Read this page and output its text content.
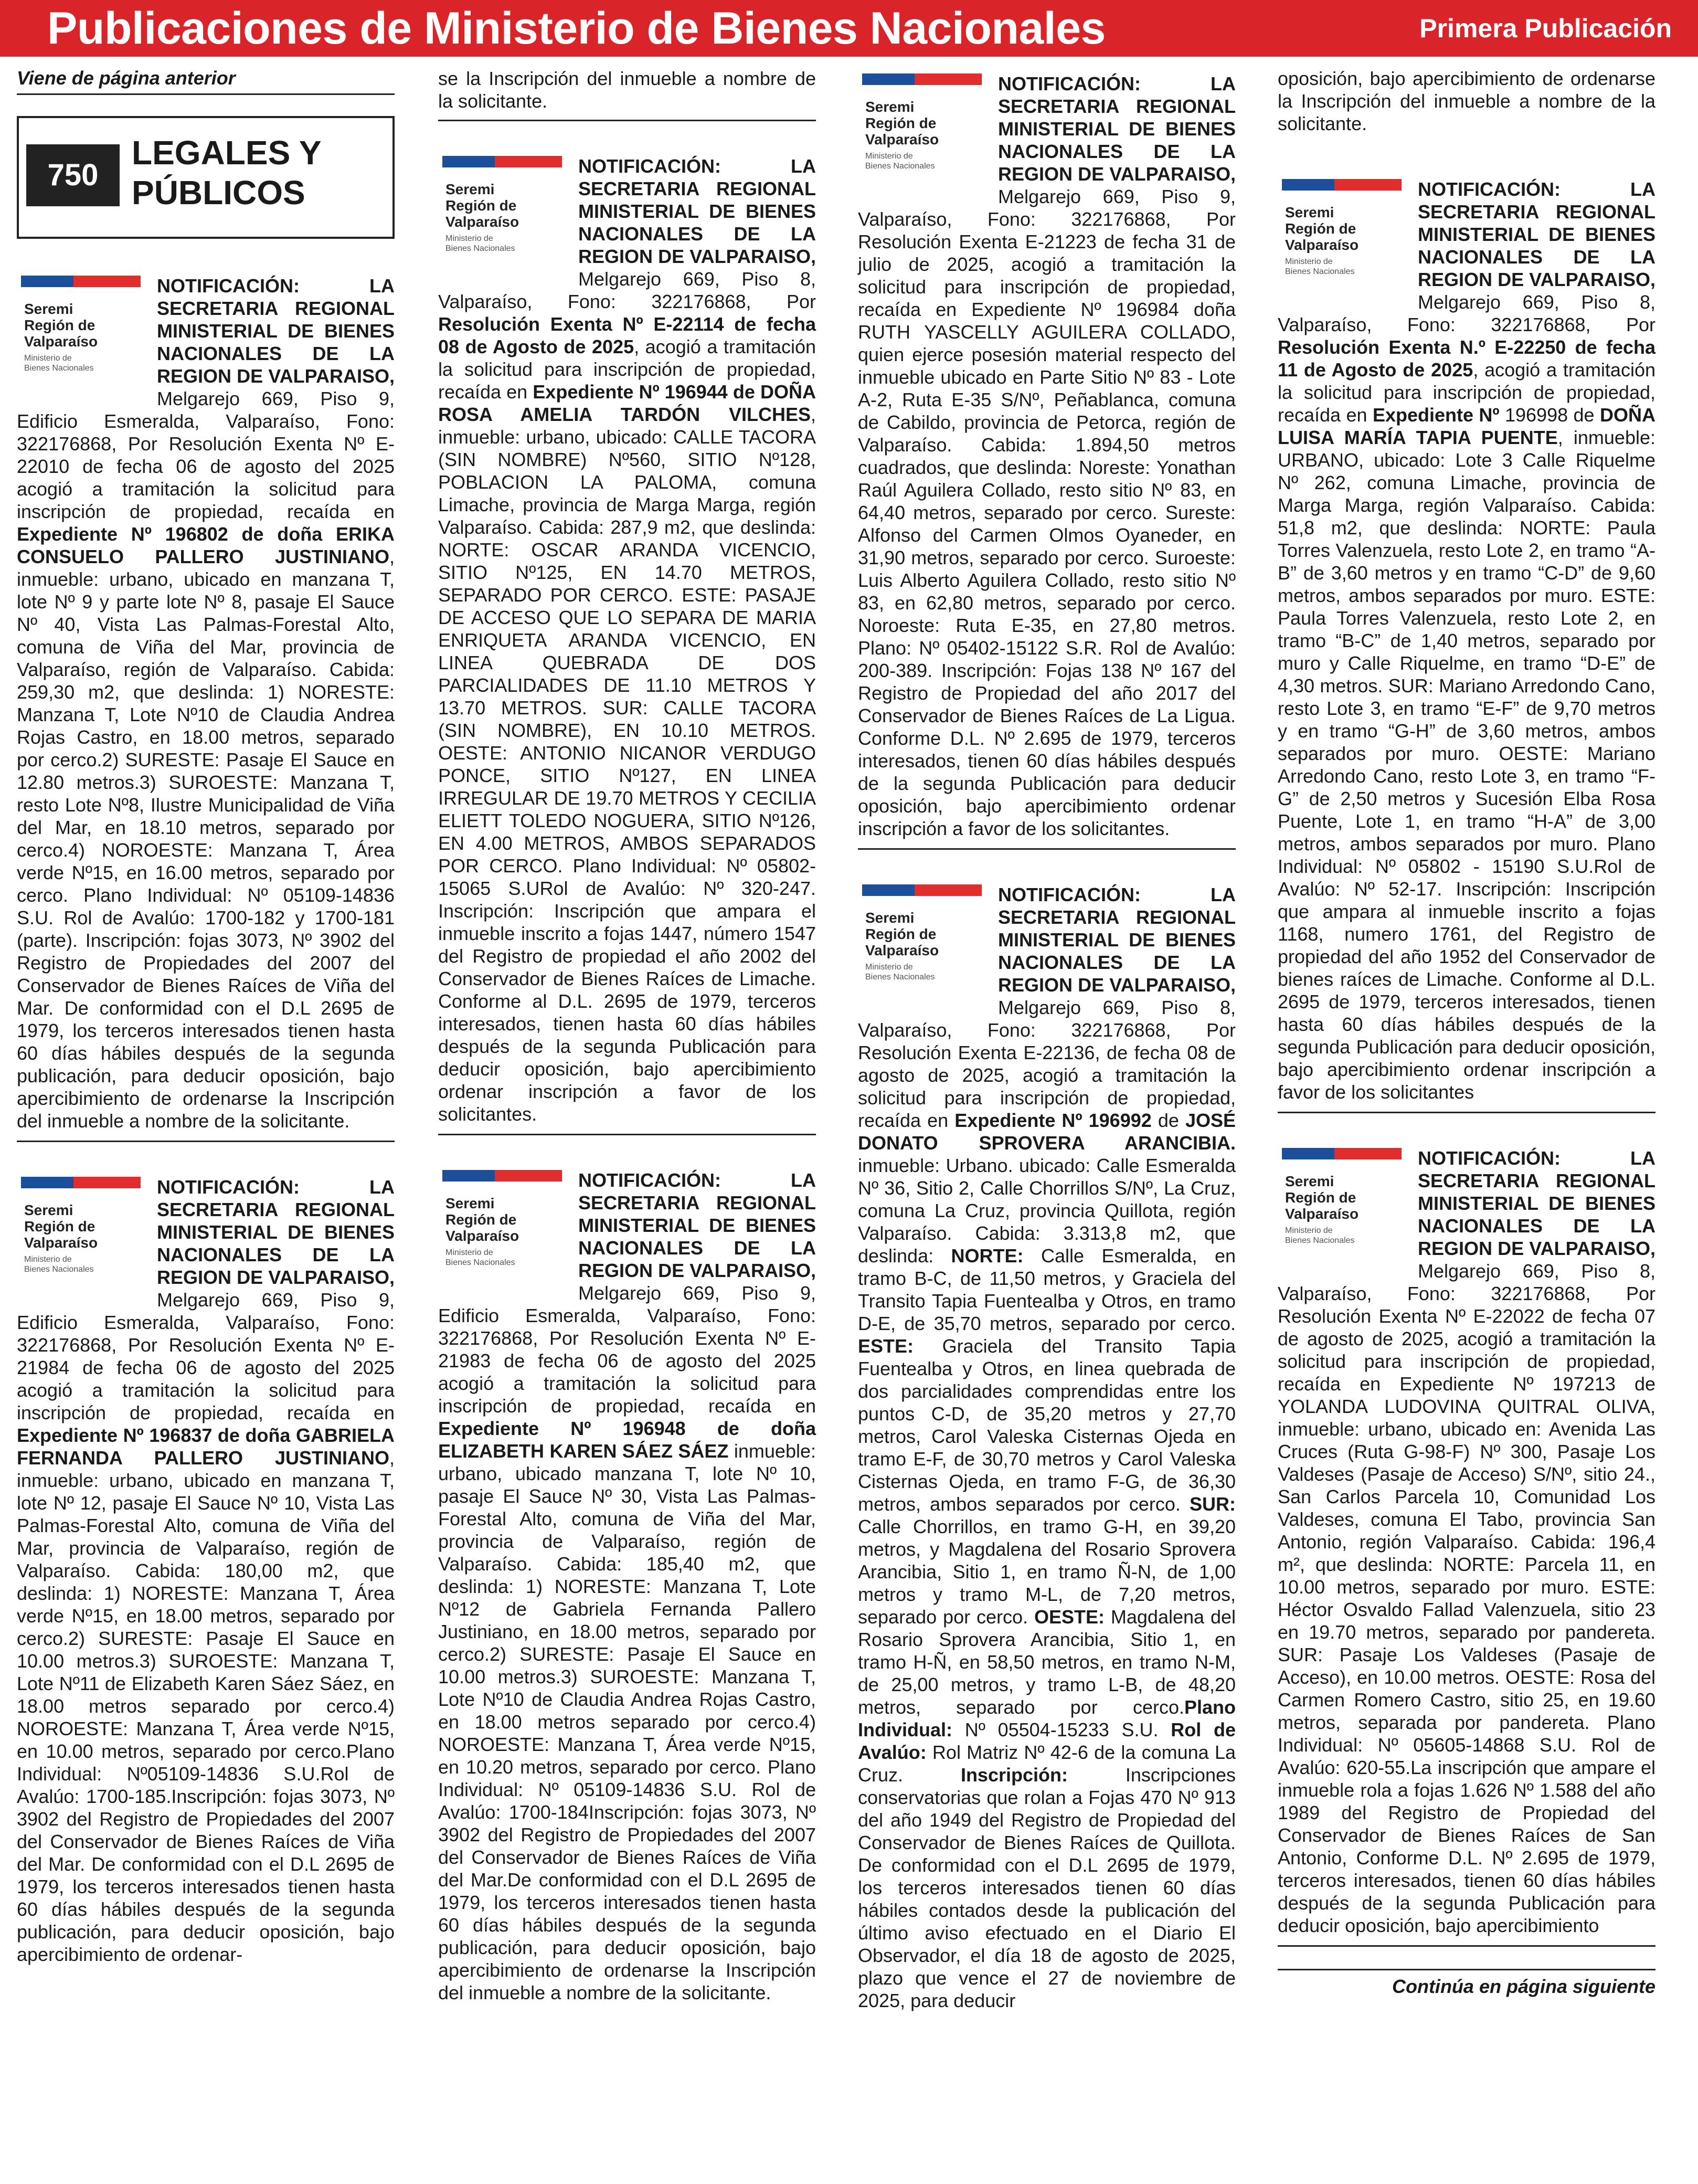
Publicaciones de Ministerio de Bienes Nacionales	Primera Publicación
Viene de página anterior
750
LEGALES Y PÚBLICOS
Seremi
Región de
Valparaíso
Ministerio de
Bienes Nacionales

NOTIFICACIÓN: LA SECRETARIA REGIONAL MINISTERIAL DE BIENES NACIONALES DE LA REGION DE VALPARAISO, Melgarejo 669, Piso 9, Edificio Esmeralda, Valparaíso, Fono: 322176868, Por Resolución Exenta Nº E-22010 de fecha 06 de agosto del 2025 acogió a tramitación la solicitud para inscripción de propiedad, recaída en Expediente Nº 196802 de doña ERIKA CONSUELO PALLERO JUSTINIANO, inmueble: urbano, ubicado en manzana T, lote Nº 9 y parte lote Nº 8, pasaje El Sauce Nº 40, Vista Las Palmas-Forestal Alto, comuna de Viña del Mar, provincia de Valparaíso, región de Valparaíso. Cabida: 259,30 m2, que deslinda: 1) NORESTE: Manzana T, Lote Nº10 de Claudia Andrea Rojas Castro, en 18.00 metros, separado por cerco.2) SURESTE: Pasaje El Sauce en 12.80 metros.3) SUROESTE: Manzana T, resto Lote Nº8, Ilustre Municipalidad de Viña del Mar, en 18.10 metros, separado por cerco.4) NOROESTE: Manzana T, Área verde Nº15, en 16.00 metros, separado por cerco. Plano Individual: Nº 05109-14836 S.U. Rol de Avalúo: 1700-182 y 1700-181 (parte). Inscripción: fojas 3073, Nº 3902 del Registro de Propiedades del 2007 del Conservador de Bienes Raíces de Viña del Mar. De conformidad con el D.L 2695 de 1979, los terceros interesados tienen hasta 60 días hábiles después de la segunda publicación, para deducir oposición, bajo apercibimiento de ordenarse la Inscripción del inmueble a nombre de la solicitante.

Seremi
Región de
Valparaíso
Ministerio de
Bienes Nacionales

NOTIFICACIÓN: LA SECRETARIA REGIONAL MINISTERIAL DE BIENES NACIONALES DE LA REGION DE VALPARAISO, Melgarejo 669, Piso 9, Edificio Esmeralda, Valparaíso, Fono: 322176868, Por Resolución Exenta Nº E-21984 de fecha 06 de agosto del 2025 acogió a tramitación la solicitud para inscripción de propiedad, recaída en Expediente Nº 196837 de doña GABRIELA FERNANDA PALLERO JUSTINIANO, inmueble: urbano, ubicado en manzana T, lote Nº 12, pasaje El Sauce Nº 10, Vista Las Palmas-Forestal Alto, comuna de Viña del Mar, provincia de Valparaíso, región de Valparaíso. Cabida: 180,00 m2, que deslinda: 1) NORESTE: Manzana T, Área verde Nº15, en 18.00 metros, separado por cerco.2) SURESTE: Pasaje El Sauce en 10.00 metros.3) SUROESTE: Manzana T, Lote Nº11 de Elizabeth Karen Sáez Sáez, en 18.00 metros separado por cerco.4) NOROESTE: Manzana T, Área verde Nº15, en 10.00 metros, separado por cerco.Plano Individual: Nº05109-14836 S.U.Rol de Avalúo: 1700-185.Inscripción: fojas 3073, Nº 3902 del Registro de Propiedades del 2007 del Conservador de Bienes Raíces de Viña del Mar. De conformidad con el D.L 2695 de 1979, los terceros interesados tienen hasta 60 días hábiles después de la segunda publicación, para deducir oposición, bajo apercibimiento de ordenar-

se la Inscripción del inmueble a nombre de la solicitante.

Seremi
Región de
Valparaíso
Ministerio de
Bienes Nacionales

NOTIFICACIÓN: LA SECRETARIA REGIONAL MINISTERIAL DE BIENES NACIONALES DE LA REGION DE VALPARAISO, Melgarejo 669, Piso 8, Valparaíso, Fono: 322176868, Por Resolución Exenta Nº E-22114 de fecha 08 de Agosto de 2025, acogió a tramitación la solicitud para inscripción de propiedad, recaída en Expediente Nº 196944 de DOÑA ROSA AMELIA TARDÓN VILCHES, inmueble: urbano, ubicado: CALLE TACORA (SIN NOMBRE) Nº560, SITIO Nº128, POBLACION LA PALOMA, comuna Limache, provincia de Marga Marga, región Valparaíso. Cabida: 287,9 m2, que deslinda: NORTE: OSCAR ARANDA VICENCIO, SITIO Nº125, EN 14.70 METROS, SEPARADO POR CERCO. ESTE: PASAJE DE ACCESO QUE LO SEPARA DE MARIA ENRIQUETA ARANDA VICENCIO, EN LINEA QUEBRADA DE DOS PARCIALIDADES DE 11.10 METROS Y 13.70 METROS. SUR: CALLE TACORA (SIN NOMBRE), EN 10.10 METROS. OESTE: ANTONIO NICANOR VERDUGO PONCE, SITIO Nº127, EN LINEA IRREGULAR DE 19.70 METROS Y CECILIA ELIETT TOLEDO NOGUERA, SITIO Nº126, EN 4.00 METROS, AMBOS SEPARADOS POR CERCO. Plano Individual: Nº 05802-15065 S.URol de Avalúo: Nº 320-247. Inscripción: Inscripción que ampara el inmueble inscrito a fojas 1447, número 1547 del Registro de propiedad el año 2002 del Conservador de Bienes Raíces de Limache. Conforme al D.L. 2695 de 1979, terceros interesados, tienen hasta 60 días hábiles después de la segunda Publicación para deducir oposición, bajo apercibimiento ordenar inscripción a favor de los solicitantes.

Seremi
Región de
Valparaíso
Ministerio de
Bienes Nacionales

NOTIFICACIÓN: LA SECRETARIA REGIONAL MINISTERIAL DE BIENES NACIONALES DE LA REGION DE VALPARAISO, Melgarejo 669, Piso 9, Edificio Esmeralda, Valparaíso, Fono: 322176868, Por Resolución Exenta Nº E-21983 de fecha 06 de agosto del 2025 acogió a tramitación la solicitud para inscripción de propiedad, recaída en Expediente Nº 196948 de doña ELIZABETH KAREN SÁEZ SÁEZ inmueble: urbano, ubicado manzana T, lote Nº 10, pasaje El Sauce Nº 30, Vista Las Palmas-Forestal Alto, comuna de Viña del Mar, provincia de Valparaíso, región de Valparaíso. Cabida: 185,40 m2, que deslinda: 1) NORESTE: Manzana T, Lote Nº12 de Gabriela Fernanda Pallero Justiniano, en 18.00 metros, separado por cerco.2) SURESTE: Pasaje El Sauce en 10.00 metros.3) SUROESTE: Manzana T, Lote Nº10 de Claudia Andrea Rojas Castro, en 18.00 metros separado por cerco.4) NOROESTE: Manzana T, Área verde Nº15, en 10.20 metros, separado por cerco. Plano Individual: Nº 05109-14836 S.U. Rol de Avalúo: 1700-184Inscripción: fojas 3073, Nº 3902 del Registro de Propiedades del 2007 del Conservador de Bienes Raíces de Viña del Mar.De conformidad con el D.L 2695 de 1979, los terceros interesados tienen hasta 60 días hábiles después de la segunda publicación, para deducir oposición, bajo apercibimiento de ordenarse la Inscripción del inmueble a nombre de la solicitante.

Seremi
Región de
Valparaíso
Ministerio de
Bienes Nacionales

NOTIFICACIÓN: LA SECRETARIA REGIONAL MINISTERIAL DE BIENES NACIONALES DE LA REGION DE VALPARAISO, Melgarejo 669, Piso 9, Valparaíso, Fono: 322176868, Por Resolución Exenta E-21223 de fecha 31 de julio de 2025, acogió a tramitación la solicitud para inscripción de propiedad, recaída en Expediente Nº 196984 doña RUTH YASCELLY AGUILERA COLLADO, quien ejerce posesión material respecto del inmueble ubicado en Parte Sitio Nº 83 - Lote A-2, Ruta E-35 S/Nº, Peñablanca, comuna de Cabildo, provincia de Petorca, región de Valparaíso. Cabida: 1.894,50 metros cuadrados, que deslinda: Noreste: Yonathan Raúl Aguilera Collado, resto sitio Nº 83, en 64,40 metros, separado por cerco. Sureste: Alfonso del Carmen Olmos Oyaneder, en 31,90 metros, separado por cerco. Suroeste: Luis Alberto Aguilera Collado, resto sitio Nº 83, en 62,80 metros, separado por cerco. Noroeste: Ruta E-35, en 27,80 metros. Plano: Nº 05402-15122 S.R. Rol de Avalúo: 200-389. Inscripción: Fojas 138 Nº 167 del Registro de Propiedad del año 2017 del Conservador de Bienes Raíces de La Ligua. Conforme D.L. Nº 2.695 de 1979, terceros interesados, tienen 60 días hábiles después de la segunda Publicación para deducir oposición, bajo apercibimiento ordenar inscripción a favor de los solicitantes.

Seremi
Región de
Valparaíso
Ministerio de
Bienes Nacionales

NOTIFICACIÓN: LA SECRETARIA REGIONAL MINISTERIAL DE BIENES NACIONALES DE LA REGION DE VALPARAISO, Melgarejo 669, Piso 8, Valparaíso, Fono: 322176868, Por Resolución Exenta E-22136, de fecha 08 de agosto de 2025, acogió a tramitación la solicitud para inscripción de propiedad, recaída en Expediente Nº 196992 de JOSÉ DONATO SPROVERA ARANCIBIA. inmueble: Urbano. ubicado: Calle Esmeralda Nº 36, Sitio 2, Calle Chorrillos S/Nº, La Cruz, comuna La Cruz, provincia Quillota, región Valparaíso. Cabida: 3.313,8 m2, que deslinda: NORTE: Calle Esmeralda, en tramo B-C, de 11,50 metros, y Graciela del Transito Tapia Fuentealba y Otros, en tramo D-E, de 35,70 metros, separado por cerco. ESTE: Graciela del Transito Tapia Fuentealba y Otros, en linea quebrada de dos parcialidades comprendidas entre los puntos C-D, de 35,20 metros y 27,70 metros, Carol Valeska Cisternas Ojeda en tramo E-F, de 30,70 metros y Carol Valeska Cisternas Ojeda, en tramo F-G, de 36,30 metros, ambos separados por cerco. SUR: Calle Chorrillos, en tramo G-H, en 39,20 metros, y Magdalena del Rosario Sprovera Arancibia, Sitio 1, en tramo Ñ-N, de 1,00 metros y tramo M-L, de 7,20 metros, separado por cerco. OESTE: Magdalena del Rosario Sprovera Arancibia, Sitio 1, en tramo H-Ñ, en 58,50 metros, en tramo N-M, de 25,00 metros, y tramo L-B, de 48,20 metros, separado por cerco.Plano Individual: Nº 05504-15233 S.U. Rol de Avalúo: Rol Matriz Nº 42-6 de la comuna La Cruz. Inscripción: Inscripciones conservatorias que rolan a Fojas 470 Nº 913 del año 1949 del Registro de Propiedad del Conservador de Bienes Raíces de Quillota. De conformidad con el D.L 2695 de 1979, los terceros interesados tienen 60 días hábiles contados desde la publicación del último aviso efectuado en el Diario El Observador, el día 18 de agosto de 2025, plazo que vence el 27 de noviembre de 2025, para deducir

oposición, bajo apercibimiento de ordenarse la Inscripción del inmueble a nombre de la solicitante.

Seremi
Región de
Valparaíso
Ministerio de
Bienes Nacionales

NOTIFICACIÓN: LA SECRETARIA REGIONAL MINISTERIAL DE BIENES NACIONALES DE LA REGION DE VALPARAISO, Melgarejo 669, Piso 8, Valparaíso, Fono: 322176868, Por Resolución Exenta N.º E-22250 de fecha 11 de Agosto de 2025, acogió a tramitación la solicitud para inscripción de propiedad, recaída en Expediente Nº 196998 de DOÑA LUISA MARÍA TAPIA PUENTE, inmueble: URBANO, ubicado: Lote 3 Calle Riquelme Nº 262, comuna Limache, provincia de Marga Marga, región Valparaíso. Cabida: 51,8 m2, que deslinda: NORTE: Paula Torres Valenzuela, resto Lote 2, en tramo “A-B” de 3,60 metros y en tramo “C-D” de 9,60 metros, ambos separados por muro. ESTE: Paula Torres Valenzuela, resto Lote 2, en tramo “B-C” de 1,40 metros, separado por muro y Calle Riquelme, en tramo “D-E” de 4,30 metros. SUR: Mariano Arredondo Cano, resto Lote 3, en tramo “E-F” de 9,70 metros y en tramo “G-H” de 3,60 metros, ambos separados por muro. OESTE: Mariano Arredondo Cano, resto Lote 3, en tramo “F-G” de 2,50 metros y Sucesión Elba Rosa Puente, Lote 1, en tramo “H-A” de 3,00 metros, ambos separados por muro. Plano Individual: Nº 05802 - 15190 S.U.Rol de Avalúo: Nº 52-17. Inscripción: Inscripción que ampara al inmueble inscrito a fojas 1168, numero 1761, del Registro de propiedad del año 1952 del Conservador de bienes raíces de Limache. Conforme al D.L. 2695 de 1979, terceros interesados, tienen hasta 60 días hábiles después de la segunda Publicación para deducir oposición, bajo apercibimiento ordenar inscripción a favor de los solicitantes

Seremi
Región de
Valparaíso
Ministerio de
Bienes Nacionales

NOTIFICACIÓN: LA SECRETARIA REGIONAL MINISTERIAL DE BIENES NACIONALES DE LA REGION DE VALPARAISO, Melgarejo 669, Piso 8, Valparaíso, Fono: 322176868, Por Resolución Exenta Nº E-22022 de fecha 07 de agosto de 2025, acogió a tramitación la solicitud para inscripción de propiedad, recaída en Expediente Nº 197213 de YOLANDA LUDOVINA QUITRAL OLIVA, inmueble: urbano, ubicado en: Avenida Las Cruces (Ruta G-98-F) Nº 300, Pasaje Los Valdeses (Pasaje de Acceso) S/Nº, sitio 24., San Carlos Parcela 10, Comunidad Los Valdeses, comuna El Tabo, provincia San Antonio, región Valparaíso. Cabida: 196,4 m², que deslinda: NORTE: Parcela 11, en 10.00 metros, separado por muro. ESTE: Héctor Osvaldo Fallad Valenzuela, sitio 23 en 19.70 metros, separado por pandereta. SUR: Pasaje Los Valdeses (Pasaje de Acceso), en 10.00 metros. OESTE: Rosa del Carmen Romero Castro, sitio 25, en 19.60 metros, separada por pandereta. Plano Individual: Nº 05605-14868 S.U. Rol de Avalúo: 620-55.La inscripción que ampare el inmueble rola a fojas 1.626 Nº 1.588 del año 1989 del Registro de Propiedad del Conservador de Bienes Raíces de San Antonio, Conforme D.L. Nº 2.695 de 1979, terceros interesados, tienen 60 días hábiles después de la segunda Publicación para deducir oposición, bajo apercibimiento

Continúa en página siguiente
